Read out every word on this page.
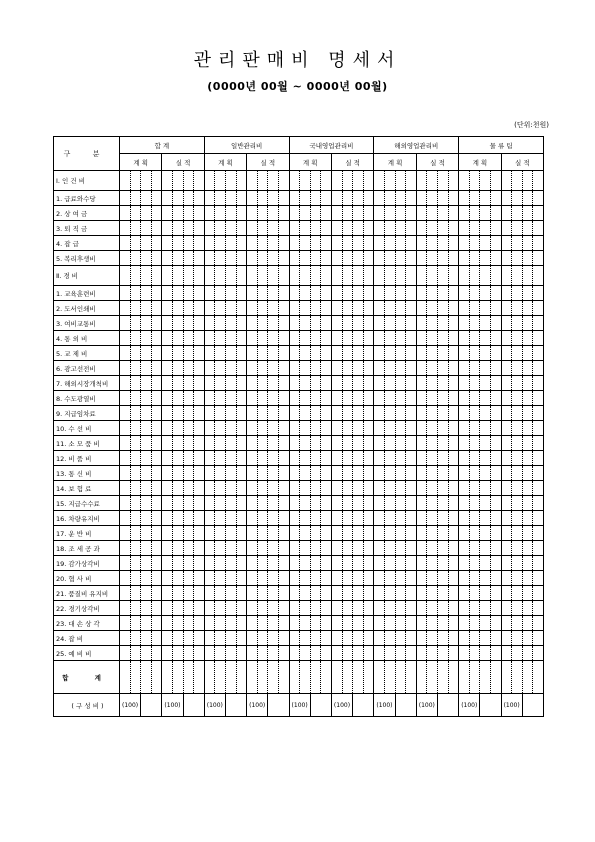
관리판매비 명세서
(0000년 00월 ~ 0000년 00월)
(단위:천원)
구 분	합 계								일반관리비								국내영업관리비								해외영업관리비								물 류 팀							
	계 획				실 적				계 획				실 적				계 획				실 적				계 획				실 적				계 획				실 적			
Ⅰ. 인 건 비																																								
1. 급료와수당																																								
2. 상 여 금																																								
3. 퇴 직 금																																								
4. 잡 급																																								
5. 복리후생비																																								
Ⅱ. 경 비																																								
1. 교육훈련비																																								
2. 도서인쇄비																																								
3. 여비교통비																																								
4. 통 외 비																																								
5. 교 제 비																																								
6. 광고선전비																																								
7. 해외시장개척비																																								
8. 수도광열비																																								
9. 지급임차료																																								
10. 수 선 비																																								
11. 소 모 품 비																																								
12. 비 품 비																																								
13. 통 신 비																																								
14. 보 험 료																																								
15. 지급수수료																																								
16. 차량유지비																																								
17. 운 반 비																																								
18. 조 세 공 과																																								
19. 감가상각비																																								
20. 협 사 비																																								
21. 품질비 유지비																																								
22. 경기상각비																																								
23. 대 손 상 각																																								
24. 잡 비																																								
25. 예 비 비																																								
합 계																																								
( 구 성 비 )	(100)				(100)				(100)				(100)				(100)				(100)				(100)				(100)				(100)				(100)			
